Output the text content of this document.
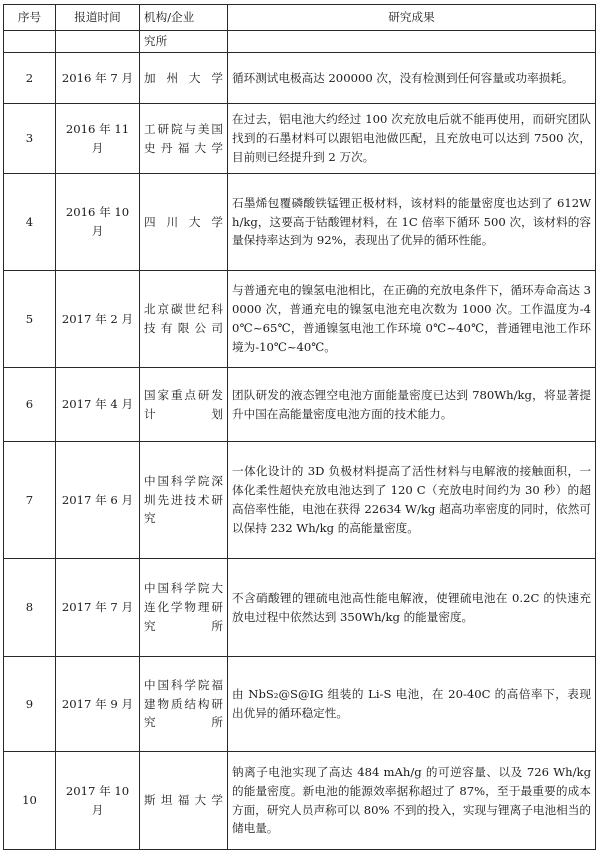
序号	报道时间	机构/企业	研究成果
		究所	
2	2016 年 7 月	加州大学	循环测试电极高达 200000 次，没有检测到任何容量或功率损耗。
3	2016 年 11 月	工研院与美国史丹福大学	在过去，铝电池大约经过 100 次充放电后就不能再使用，而研究团队找到的石墨材料可以跟铝电池做匹配，且充放电可以达到 7500 次，目前则已经提升到 2 万次。
4	2016 年 10 月	四川大学	石墨烯包覆磷酸铁锰锂正极材料，该材料的能量密度也达到了 612Wh/kg，这要高于钴酸锂材料，在 1C 倍率下循环 500 次，该材料的容量保持率达到为 92%，表现出了优异的循环性能。
5	2017 年 2 月	北京碳世纪科技有限公司	与普通充电的镍氢电池相比，在正确的充放电条件下，循环寿命高达 30000 次，普通充电的镍氢电池充电次数为 1000 次。工作温度为-40℃~65℃，普通镍氢电池工作环境 0℃~40℃，普通锂电池工作环境为-10℃~40℃。
6	2017 年 4 月	国家重点研发计划	团队研发的液态锂空电池方面能量密度已达到 780Wh/kg，将显著提升中国在高能量密度电池方面的技术能力。
7	2017 年 6 月	中国科学院深圳先进技术研究	一体化设计的 3D 负极材料提高了活性材料与电解液的接触面积，一体化柔性超快充放电池达到了 120 C（充放电时间约为 30 秒）的超高倍率性能，电池在获得 22634 W/kg 超高功率密度的同时，依然可以保持 232 Wh/kg 的高能量密度。
8	2017 年 7 月	中国科学院大连化学物理研究所	不含硝酸锂的锂硫电池高性能电解液，使锂硫电池在 0.2C 的快速充放电过程中依然达到 350Wh/kg 的能量密度。
9	2017 年 9 月	中国科学院福建物质结构研究所	由 NbS₂@S@IG 组装的 Li-S 电池，在 20-40C 的高倍率下，表现出优异的循环稳定性。
10	2017 年 10 月	斯坦福大学	钠离子电池实现了高达 484 mAh/g 的可逆容量、以及 726 Wh/kg 的能量密度。新电池的能源效率据称超过了 87%，至于最重要的成本方面，研究人员声称可以 80% 不到的投入，实现与锂离子电池相当的储电量。
